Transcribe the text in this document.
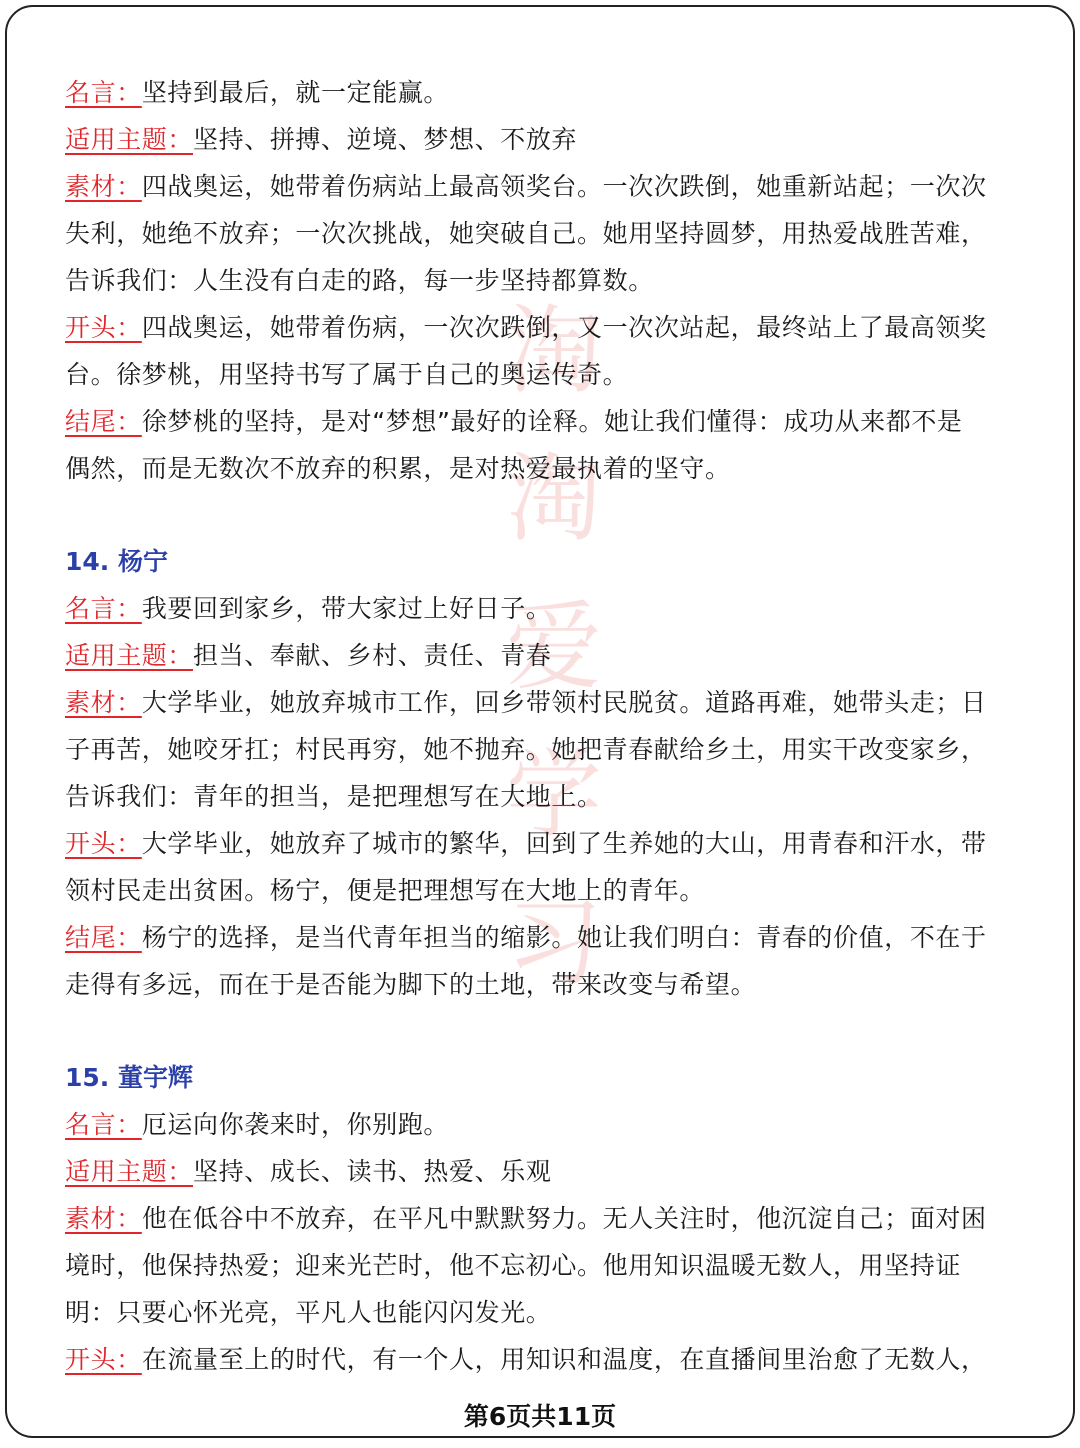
淘
淘
爱
学
习
名言：坚持到最后，就一定能赢。
适用主题：坚持、拼搏、逆境、梦想、不放弃
素材：四战奥运，她带着伤病站上最高领奖台。一次次跌倒，她重新站起；一次次
失利，她绝不放弃；一次次挑战，她突破自己。她用坚持圆梦，用热爱战胜苦难，
告诉我们：人生没有白走的路，每一步坚持都算数。
开头：四战奥运，她带着伤病，一次次跌倒，又一次次站起，最终站上了最高领奖
台。徐梦桃，用坚持书写了属于自己的奥运传奇。
结尾：徐梦桃的坚持，是对“梦想”最好的诠释。她让我们懂得：成功从来都不是
偶然，而是无数次不放弃的积累，是对热爱最执着的坚守。
14. 杨宁
名言：我要回到家乡，带大家过上好日子。
适用主题：担当、奉献、乡村、责任、青春
素材：大学毕业，她放弃城市工作，回乡带领村民脱贫。道路再难，她带头走；日
子再苦，她咬牙扛；村民再穷，她不抛弃。她把青春献给乡土，用实干改变家乡，
告诉我们：青年的担当，是把理想写在大地上。
开头：大学毕业，她放弃了城市的繁华，回到了生养她的大山，用青春和汗水，带
领村民走出贫困。杨宁，便是把理想写在大地上的青年。
结尾：杨宁的选择，是当代青年担当的缩影。她让我们明白：青春的价值，不在于
走得有多远，而在于是否能为脚下的土地，带来改变与希望。
15. 董宇辉
名言：厄运向你袭来时，你别跑。
适用主题：坚持、成长、读书、热爱、乐观
素材：他在低谷中不放弃，在平凡中默默努力。无人关注时，他沉淀自己；面对困
境时，他保持热爱；迎来光芒时，他不忘初心。他用知识温暖无数人，用坚持证
明：只要心怀光亮，平凡人也能闪闪发光。
开头：在流量至上的时代，有一个人，用知识和温度，在直播间里治愈了无数人，
第6页共11页
